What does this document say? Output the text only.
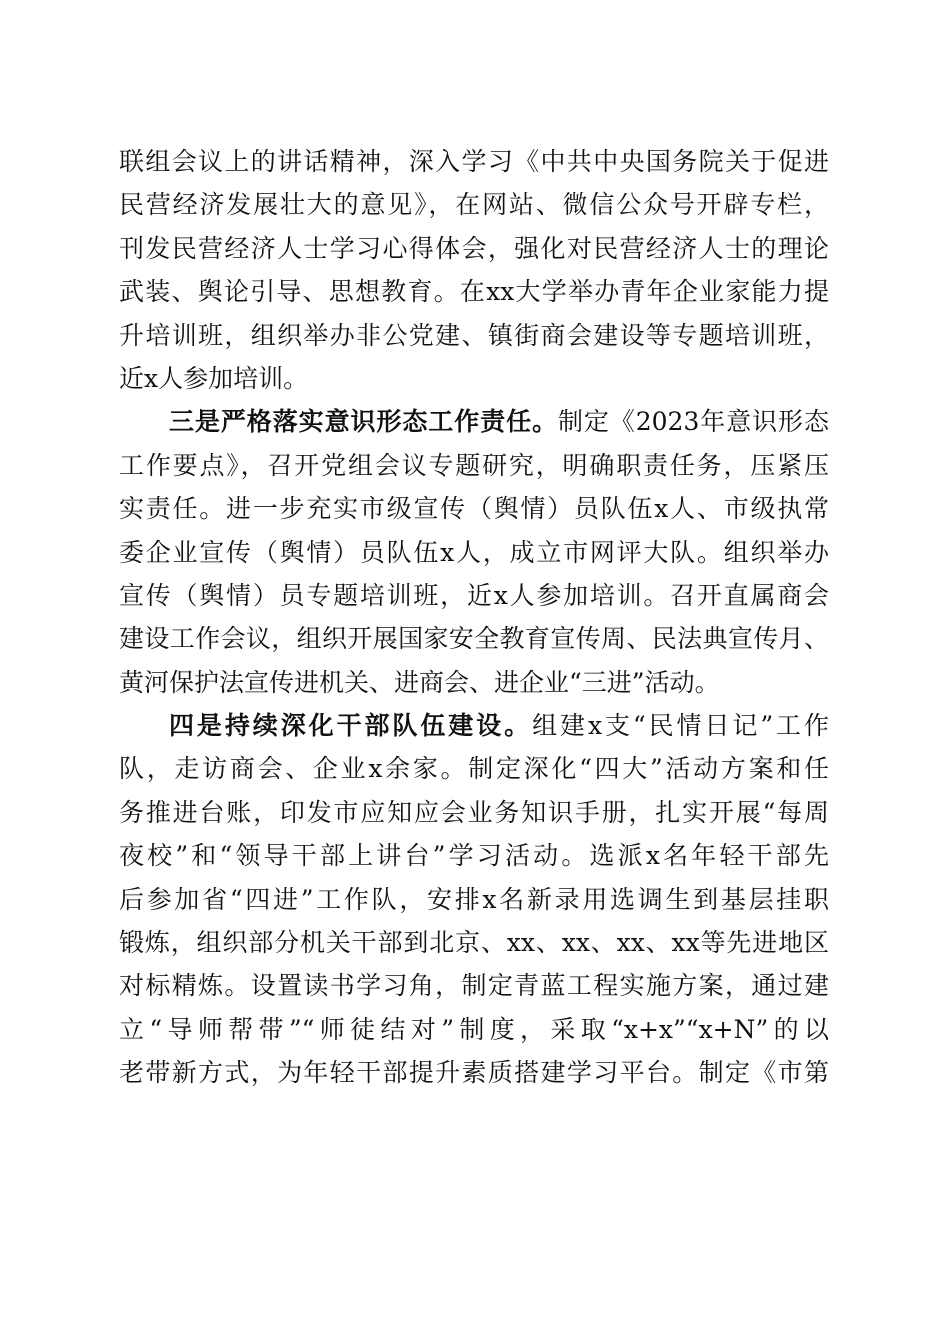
联组会议上的讲话精神，深入学习《中共中央国务院关于促进
民营经济发展壮大的意见》，在网站、微信公众号开辟专栏，
刊发民营经济人士学习心得体会，强化对民营经济人士的理论
武装、舆论引导、思想教育。在xx大学举办青年企业家能力提
升培训班，组织举办非公党建、镇街商会建设等专题培训班，
近x人参加培训。
三是严格落实意识形态工作责任。制定《2023年意识形态
工作要点》，召开党组会议专题研究，明确职责任务，压紧压
实责任。进一步充实市级宣传（舆情）员队伍x人、市级执常
委企业宣传（舆情）员队伍x人，成立市网评大队。组织举办
宣传（舆情）员专题培训班，近x人参加培训。召开直属商会
建设工作会议，组织开展国家安全教育宣传周、民法典宣传月、
黄河保护法宣传进机关、进商会、进企业“三进”活动。
四是持续深化干部队伍建设。组建x支“民情日记”工作
队，走访商会、企业x余家。制定深化“四大”活动方案和任
务推进台账，印发市应知应会业务知识手册，扎实开展“每周
夜校”和“领导干部上讲台”学习活动。选派x名年轻干部先
后参加省“四进”工作队，安排x名新录用选调生到基层挂职
锻炼，组织部分机关干部到北京、xx、xx、xx、xx等先进地区
对标精炼。设置读书学习角，制定青蓝工程实施方案，通过建
立“导师帮带”“师徒结对”制度，采取“x+x”“x+N”的以
老带新方式，为年轻干部提升素质搭建学习平台。制定《市第
